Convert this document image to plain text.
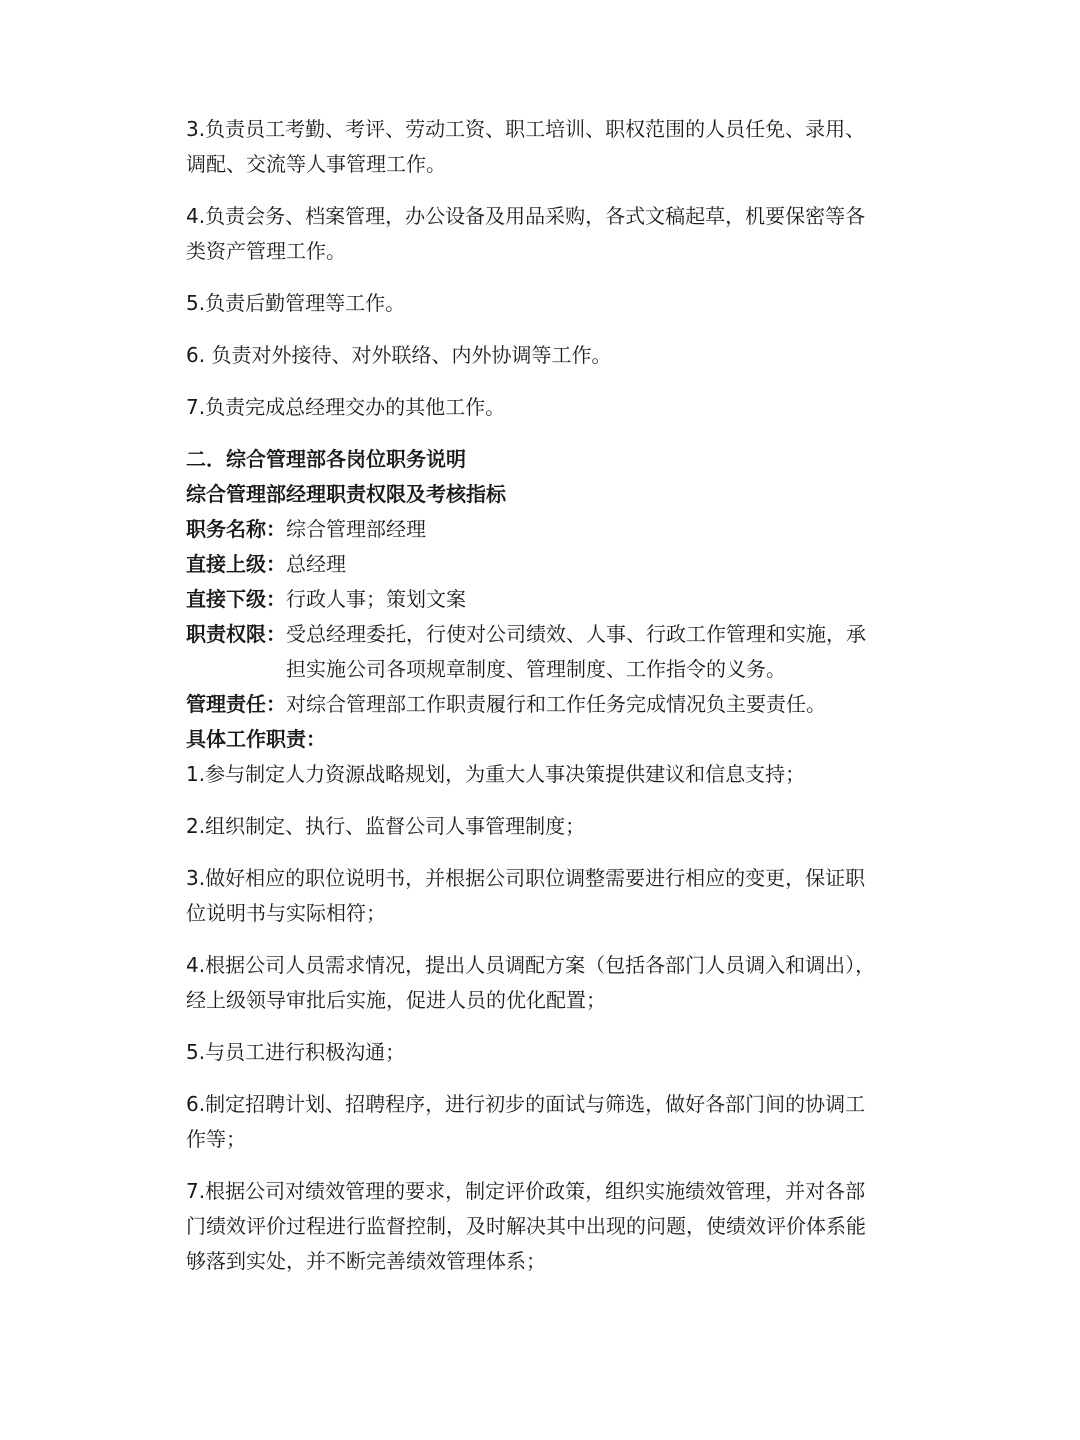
3.负责员工考勤、考评、劳动工资、职工培训、职权范围的人员任免、录用、
调配、交流等人事管理工作。
4.负责会务、档案管理，办公设备及用品采购，各式文稿起草，机要保密等各
类资产管理工作。
5.负责后勤管理等工作。
6. 负责对外接待、对外联络、内外协调等工作。
7.负责完成总经理交办的其他工作。
二．综合管理部各岗位职务说明
综合管理部经理职责权限及考核指标
职务名称： 综合管理部经理
直接上级： 总经理
直接下级： 行政人事；策划文案
职责权限： 受总经理委托，行使对公司绩效、人事、行政工作管理和实施，承
担实施公司各项规章制度、管理制度、工作指令的义务。
管理责任： 对综合管理部工作职责履行和工作任务完成情况负主要责任。
具体工作职责：
1.参与制定人力资源战略规划，为重大人事决策提供建议和信息支持；
2.组织制定、执行、监督公司人事管理制度；
3.做好相应的职位说明书，并根据公司职位调整需要进行相应的变更，保证职
位说明书与实际相符；
4.根据公司人员需求情况，提出人员调配方案（包括各部门人员调入和调出），
经上级领导审批后实施，促进人员的优化配置；
5.与员工进行积极沟通；
6.制定招聘计划、招聘程序，进行初步的面试与筛选，做好各部门间的协调工
作等；
7.根据公司对绩效管理的要求，制定评价政策，组织实施绩效管理，并对各部
门绩效评价过程进行监督控制，及时解决其中出现的问题，使绩效评价体系能
够落到实处，并不断完善绩效管理体系；
